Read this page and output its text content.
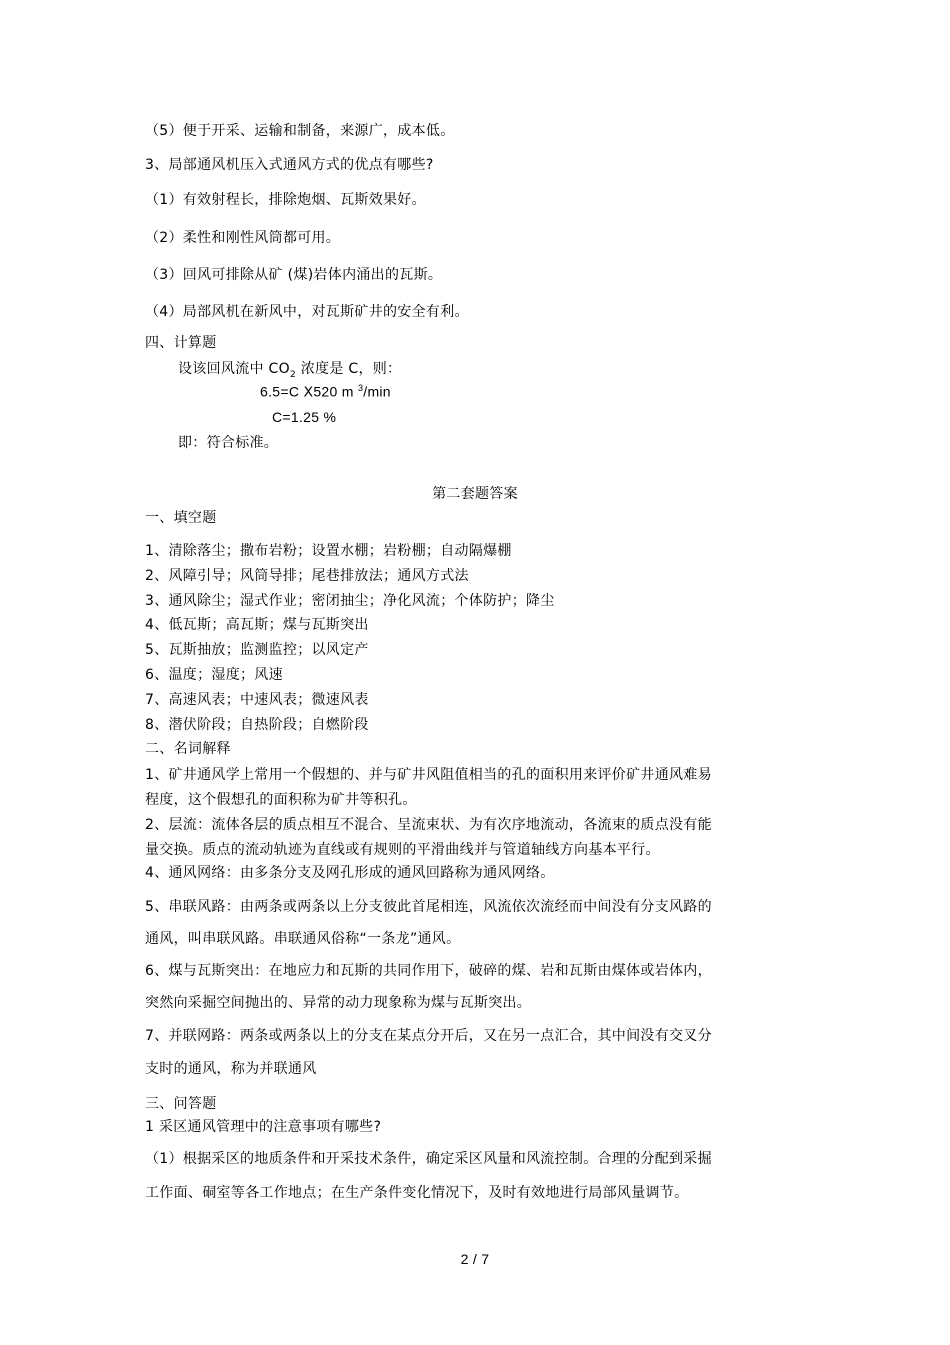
（5）便于开采、运输和制备，来源广，成本低。
3、局部通风机压入式通风方式的优点有哪些?
（1）有效射程长，排除炮烟、瓦斯效果好。
（2）柔性和刚性风筒都可用。
（3）回风可排除从矿 (煤)岩体内涌出的瓦斯。
（4）局部风机在新风中，对瓦斯矿井的安全有利。
四、计算题
设该回风流中 $CO_2$ 浓度是 C，则：
6.5=C Ⅹ520 m $^3$/min
C=1.25 %
即：符合标准。
第二套题答案
一、填空题
1、清除落尘；撒布岩粉；设置水棚；岩粉棚；自动隔爆棚
2、风障引导；风筒导排；尾巷排放法；通风方式法
3、通风除尘；湿式作业；密闭抽尘；净化风流；个体防护；降尘
4、低瓦斯；高瓦斯；煤与瓦斯突出
5、瓦斯抽放；监测监控；以风定产
6、温度；湿度；风速
7、高速风表；中速风表；微速风表
8、潜伏阶段；自热阶段；自燃阶段
二、名词解释
1、矿井通风学上常用一个假想的、并与矿井风阻值相当的孔的面积用来评价矿井通风难易
程度，这个假想孔的面积称为矿井等积孔。
2、层流：流体各层的质点相互不混合、呈流束状、为有次序地流动，各流束的质点没有能
量交换。质点的流动轨迹为直线或有规则的平滑曲线并与管道轴线方向基本平行。
4、通风网络：由多条分支及网孔形成的通风回路称为通风网络。
5、串联风路：由两条或两条以上分支彼此首尾相连，风流依次流经而中间没有分支风路的
通风，叫串联风路。串联通风俗称“一条龙”通风。
6、煤与瓦斯突出：在地应力和瓦斯的共同作用下，破碎的煤、岩和瓦斯由煤体或岩体内，
突然向采掘空间抛出的、异常的动力现象称为煤与瓦斯突出。
7、并联网路：两条或两条以上的分支在某点分开后，又在另一点汇合，其中间没有交叉分
支时的通风，称为并联通风
三、问答题
1 采区通风管理中的注意事项有哪些?
（1）根据采区的地质条件和开采技术条件，确定采区风量和风流控制。合理的分配到采掘
工作面、硐室等各工作地点；在生产条件变化情况下，及时有效地进行局部风量调节。
2 / 7
